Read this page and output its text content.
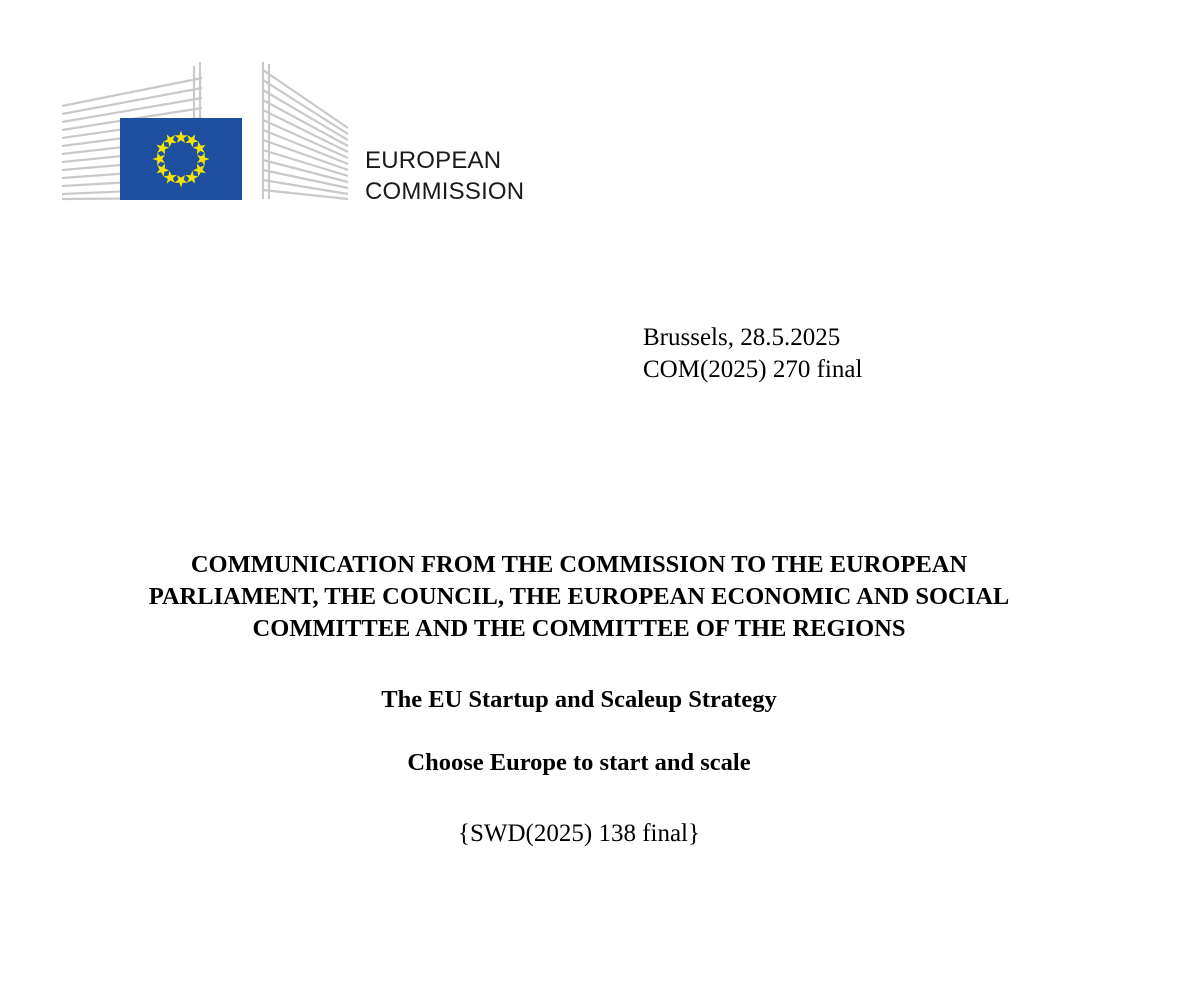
EUROPEAN
COMMISSION
Brussels, 28.5.2025
COM(2025) 270 final
COMMUNICATION FROM THE COMMISSION TO THE EUROPEAN
PARLIAMENT, THE COUNCIL, THE EUROPEAN ECONOMIC AND SOCIAL
COMMITTEE AND THE COMMITTEE OF THE REGIONS
The EU Startup and Scaleup Strategy
Choose Europe to start and scale
{SWD(2025) 138 final}
